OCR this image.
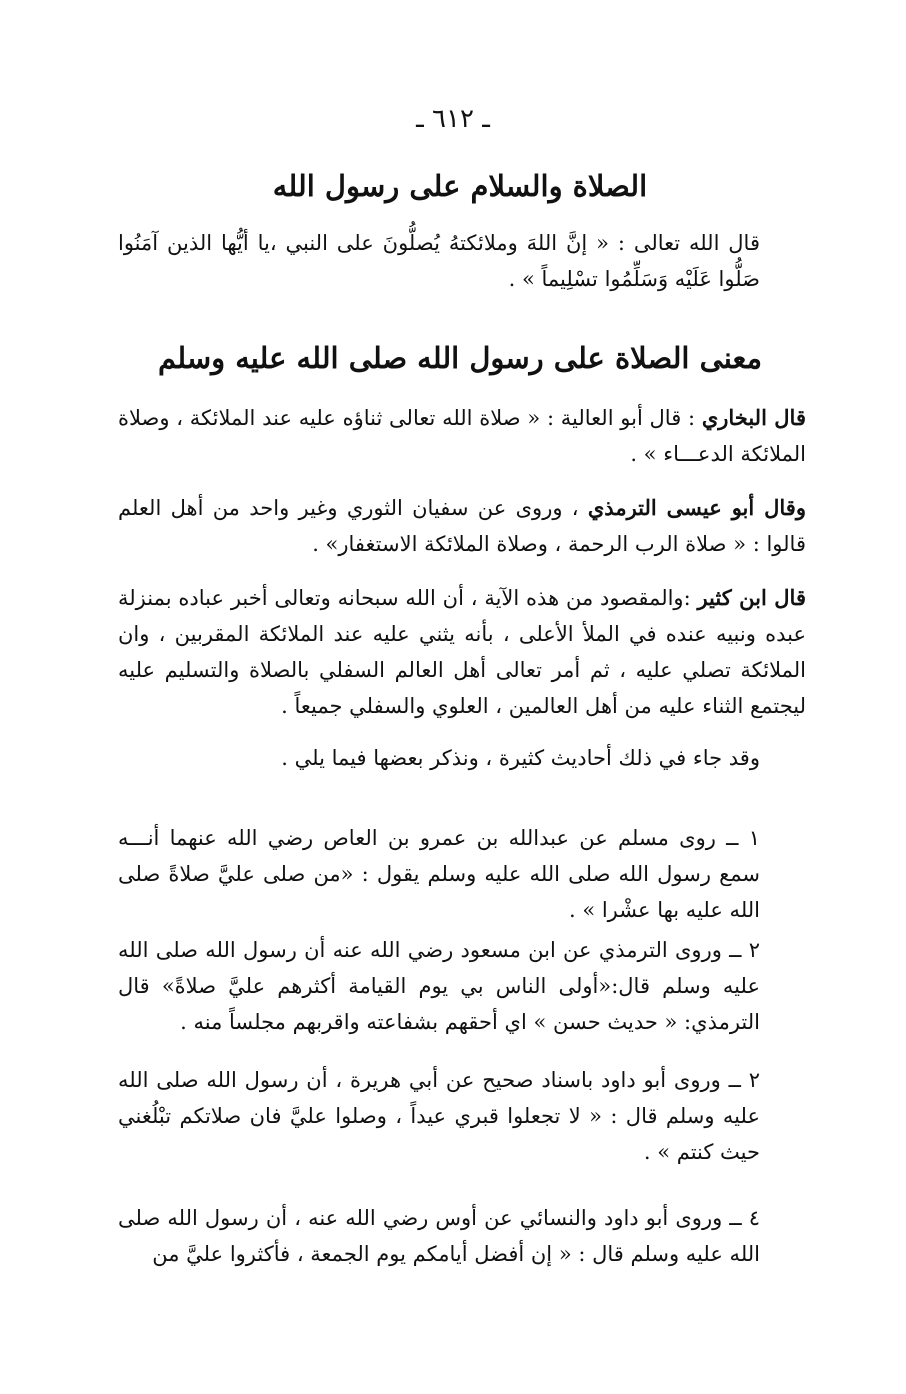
ـ ٦١٢ ـ
الصلاة والسلام على رسول الله

قال الله تعالى : « إنَّ اللهَ وملائكتهُ يُصلُّونَ على النبي ،يا أيُّها الذين آمَنُوا صَلُّوا عَلَيْه وَسَلِّمُوا تسْلِيماً » .

معنى الصلاة على رسول الله صلى الله عليه وسلم

قال البخاري : قال أبو العالية : « صلاة الله تعالى ثناؤه عليه عند الملائكة ، وصلاة الملائكة الدعـــاء » .

وقال أبو عيسى الترمذي ، وروى عن سفيان الثوري وغير واحد من أهل العلم قالوا : « صلاة الرب الرحمة ، وصلاة الملائكة الاستغفار» .

قال ابن كثير :والمقصود من هذه الآية ، أن الله سبحانه وتعالى أخبر عباده بمنزلة عبده ونبيه عنده في الملأ الأعلى ، بأنه يثني عليه عند الملائكة المقربين ، وان الملائكة تصلي عليه ، ثم أمر تعالى أهل العالم السفلي بالصلاة والتسليم عليه ليجتمع الثناء عليه من أهل العالمين ، العلوي والسفلي جميعاً .

وقد جاء في ذلك أحاديث كثيرة ، ونذكر بعضها فيما يلي .

١ ــ روى مسلم عن عبدالله بن عمرو بن العاص رضي الله عنهما أنـــه سمع رسول الله صلى الله عليه وسلم يقول : «من صلى عليَّ صلاةً صلى الله عليه بها عشْرا » .

٢ ــ وروى الترمذي عن ابن مسعود رضي الله عنه أن رسول الله صلى الله عليه وسلم قال:«أولى الناس بي يوم القيامة أكثرهم عليَّ صلاةً» قال الترمذي: « حديث حسن » اي أحقهم بشفاعته واقربهم مجلساً منه .

٢ ــ وروى أبو داود باسناد صحيح عن أبي هريرة ، أن رسول الله صلى الله عليه وسلم قال : « لا تجعلوا قبري عيداً ، وصلوا عليَّ فان صلاتكم تبْلُغني حيث كنتم » .

٤ ــ وروى أبو داود والنسائي عن أوس رضي الله عنه ، أن رسول الله صلى الله عليه وسلم قال : « إن أفضل أيامكم يوم الجمعة ، فأكثروا عليَّ من
